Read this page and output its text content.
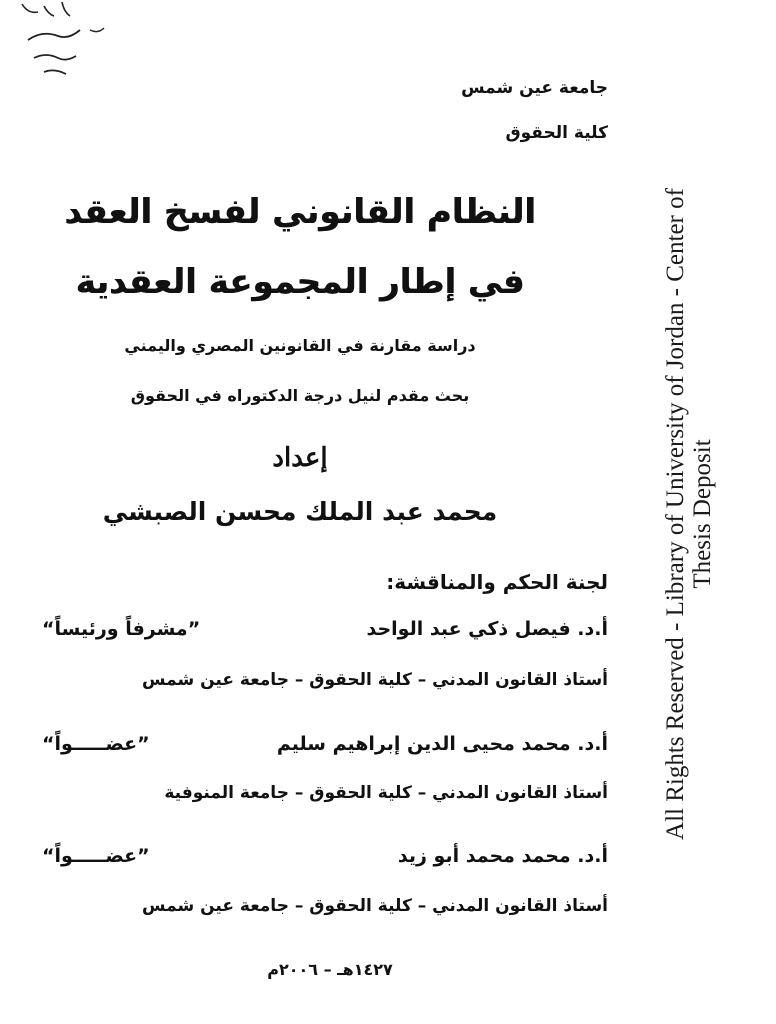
جامعة عين شمس
كلية الحقوق
النظام القانوني لفسخ العقد
في إطار المجموعة العقدية
دراسة مقارنة في القانونين المصري واليمني
بحث مقدم لنيل درجة الدكتوراه في الحقوق
إعداد
محمد عبد الملك محسن الصبشي
لجنة الحكم والمناقشة:
أ.د. فيصل ذكي عبد الواحد
”مشرفاً ورئيساً“
أستاذ القانون المدني – كلية الحقوق – جامعة عين شمس
أ.د. محمد محيى الدين إبراهيم سليم
”عضـــــواً“
أستاذ القانون المدني – كلية الحقوق – جامعة المنوفية
أ.د. محمد محمد أبو زيد
”عضـــــواً“
أستاذ القانون المدني – كلية الحقوق – جامعة عين شمس
١٤٢٧هـ – ٢٠٠٦م
All Rights Reserved - Library of University of Jordan - Center of Thesis Deposit
